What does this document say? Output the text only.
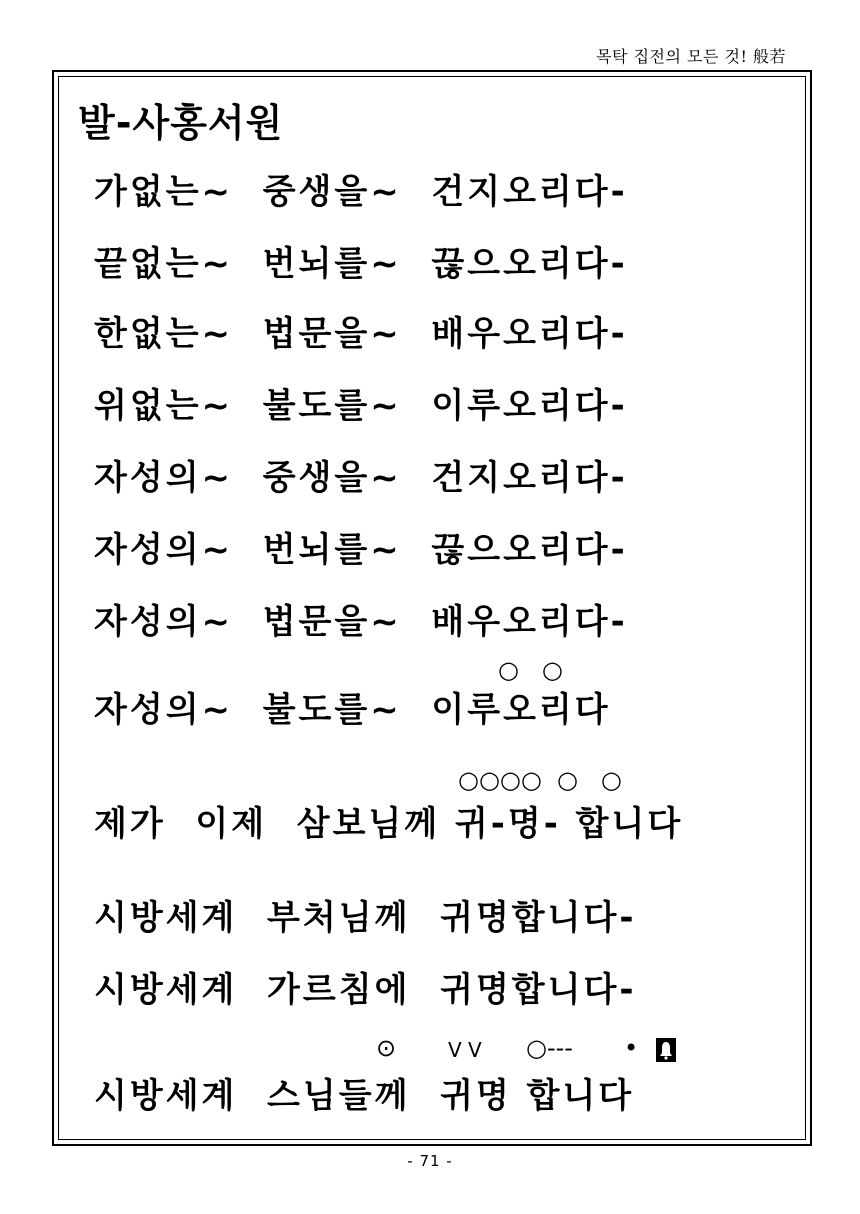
목탁 집전의 모든 것! 般若
발-사홍서원
가없는~  중생을~  건지오리다-
끝없는~  번뇌를~  끊으오리다-
한없는~  법문을~  배우오리다-
위없는~  불도를~  이루오리다-
자성의~  중생을~  건지오리다-
자성의~  번뇌를~  끊으오리다-
자성의~  법문을~  배우오리다-
○   ○
자성의~  불도를~  이루오리다
○○○○  ○   ○
제가  이제  삼보님께 귀-명- 합니다
시방세계  부처님께  귀명합니다-
시방세계  가르침에  귀명합니다-
⊙	V V ○--- •
시방세계  스님들께  귀명 합니다
- 71 -
